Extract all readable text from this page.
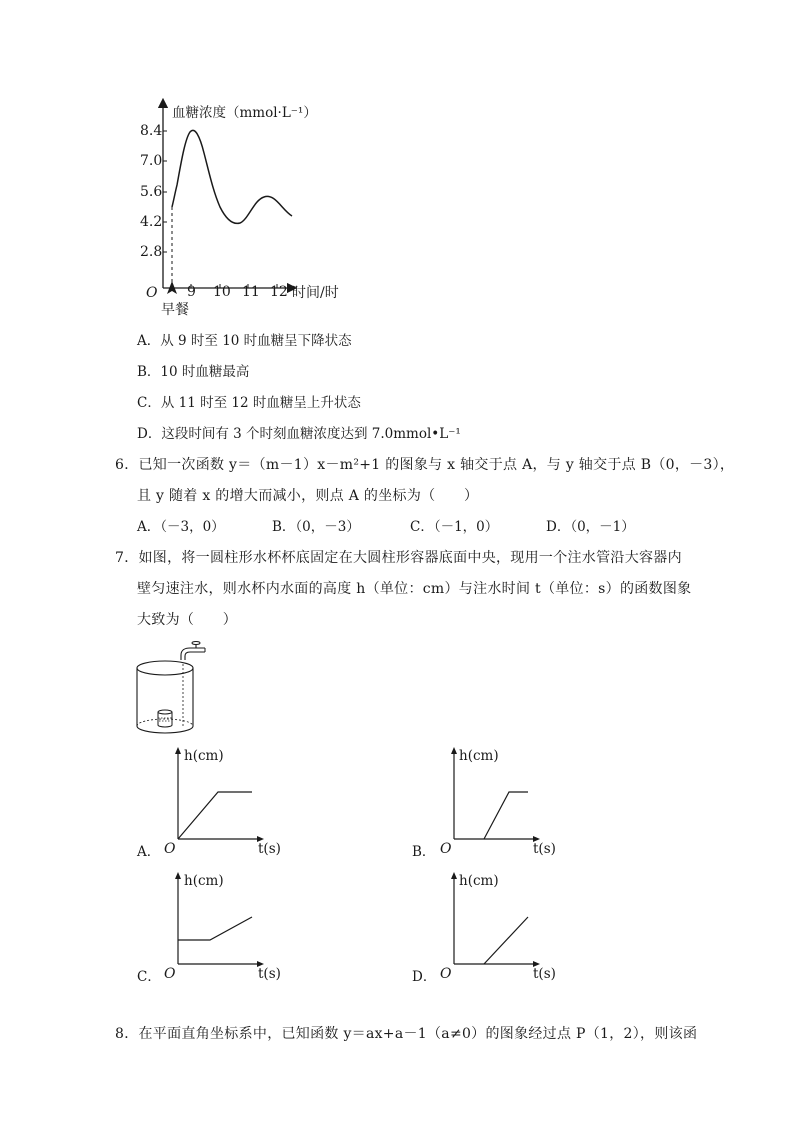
血糖浓度（mmol·L⁻¹）
8.4
7.0
5.6
4.2
2.8
O 9 10 11 12 时间/时
早餐
A．从 9 时至 10 时血糖呈下降状态
B．10 时血糖最高
C．从 11 时至 12 时血糖呈上升状态
D．这段时间有 3 个时刻血糖浓度达到 7.0mmol•L⁻¹
6．已知一次函数 y＝（m－1）x－m²+1 的图象与 x 轴交于点 A，与 y 轴交于点 B（0，－3），
且 y 随着 x 的增大而减小，则点 A 的坐标为（　　）
A．（－3，0）	B．（0，－3）	C．（－1，0）	D．（0，－1）
7．如图，将一圆柱形水杯杯底固定在大圆柱形容器底面中央，现用一个注水管沿大容器内
壁匀速注水，则水杯内水面的高度 h（单位：cm）与注水时间 t（单位：s）的函数图象
大致为（　　）
h(cm)
O	t(s)
A．
h(cm)
O	t(s)
B．
h(cm)
O	t(s)
C．
h(cm)
O	t(s)
D．
8．在平面直角坐标系中，已知函数 y＝ax+a－1（a≠0）的图象经过点 P（1，2），则该函
